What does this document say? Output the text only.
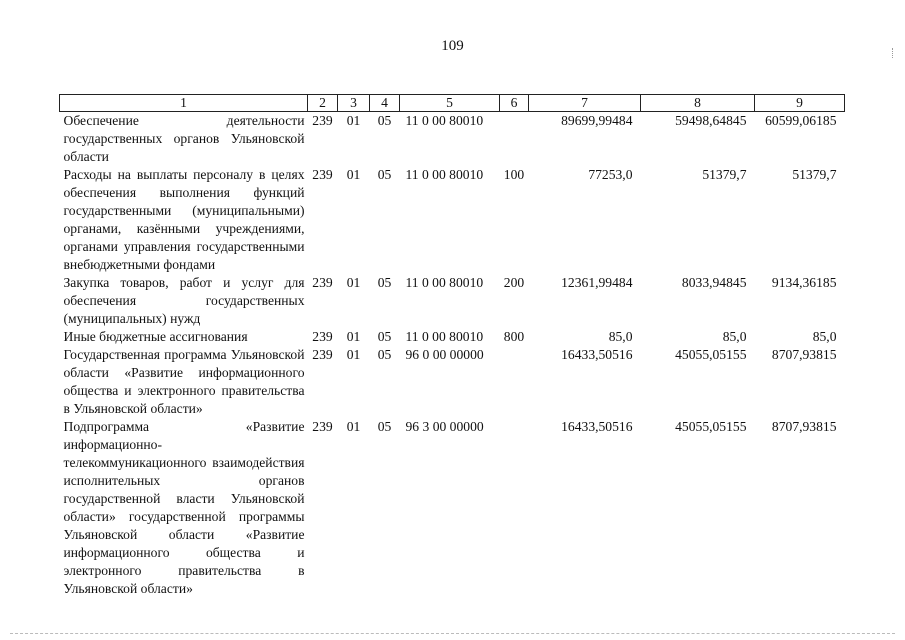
109
1	2	3	4	5	6	7	8	9
Обеспечение деятельности государственных органов Ульяновской области	239	01	05	11 0 00 80010		89699,99484	59498,64845	60599,06185
Расходы на выплаты персоналу в целях обеспечения выполнения функций государственными (муниципальными) органами, казёнными учреждениями, органами управления государственными внебюджетными фондами	239	01	05	11 0 00 80010	100	77253,0	51379,7	51379,7
Закупка товаров, работ и услуг для обеспечения государственных (муниципальных) нужд	239	01	05	11 0 00 80010	200	12361,99484	8033,94845	9134,36185
Иные бюджетные ассигнования	239	01	05	11 0 00 80010	800	85,0	85,0	85,0
Государственная программа Ульяновской области «Развитие информационного общества и электронного правительства в Ульяновской области»	239	01	05	96 0 00 00000		16433,50516	45055,05155	8707,93815
Подпрограмма «Развитие информационно-телекоммуникационного взаимодействия исполнительных органов государственной власти Ульяновской области» государственной программы Ульяновской области «Развитие информационного общества и электронного правительства в Ульяновской области»	239	01	05	96 3 00 00000		16433,50516	45055,05155	8707,93815
